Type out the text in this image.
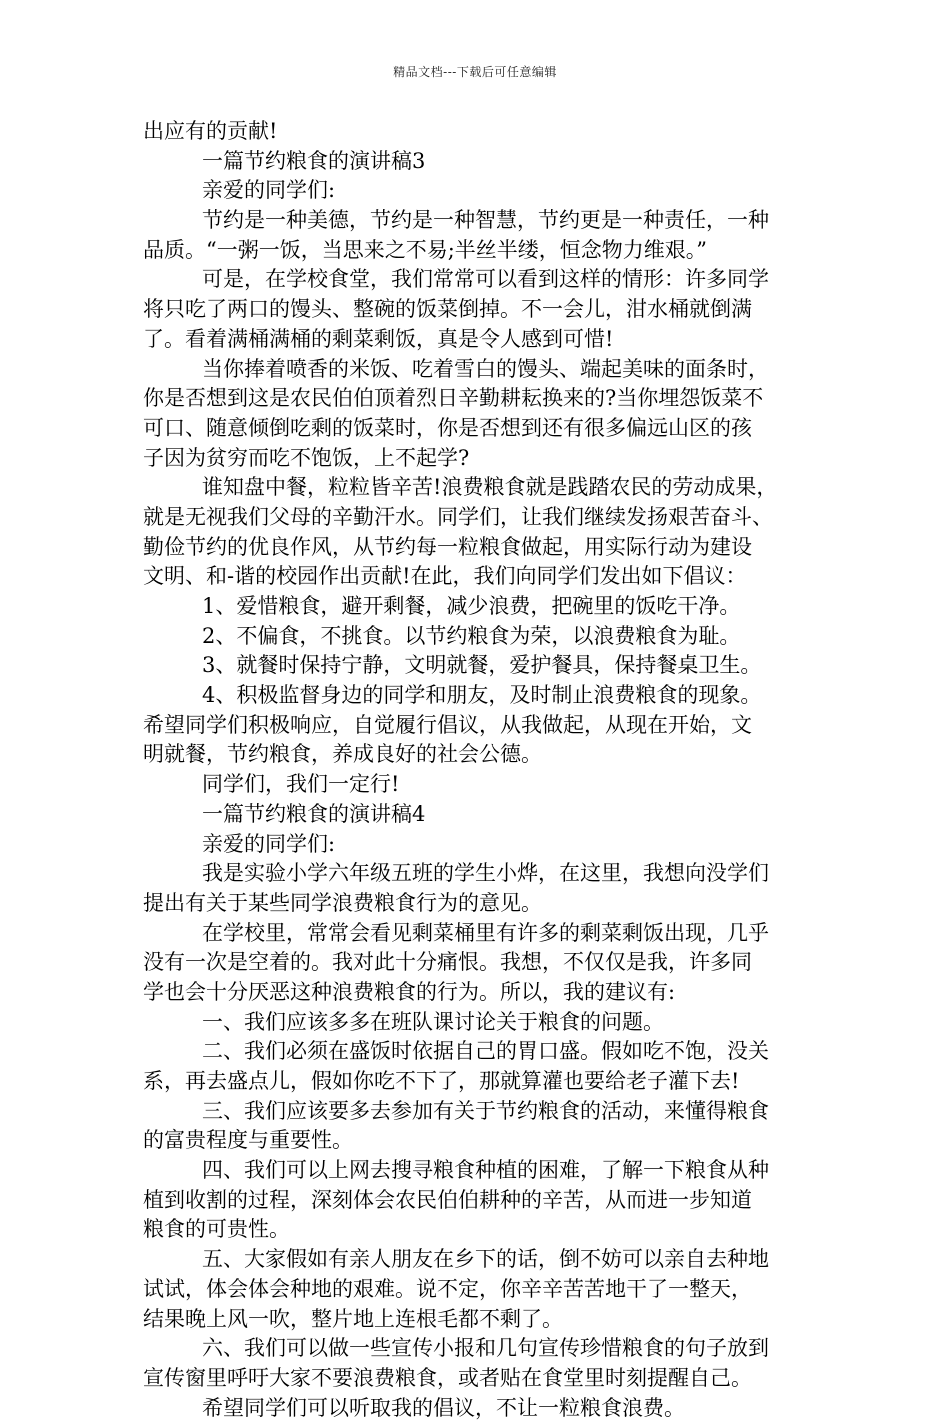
精品文档---下载后可任意编辑
出应有的贡献!
一篇节约粮食的演讲稿3
亲爱的同学们:
节约是一种美德，节约是一种智慧，节约更是一种责任，一种
品质。“一粥一饭，当思来之不易;半丝半缕，恒念物力维艰。”
可是，在学校食堂，我们常常可以看到这样的情形：许多同学
将只吃了两口的馒头、整碗的饭菜倒掉。不一会儿，泔水桶就倒满
了。看着满桶满桶的剩菜剩饭，真是令人感到可惜!
当你捧着喷香的米饭、吃着雪白的馒头、端起美味的面条时，
你是否想到这是农民伯伯顶着烈日辛勤耕耘换来的?当你埋怨饭菜不
可口、随意倾倒吃剩的饭菜时，你是否想到还有很多偏远山区的孩
子因为贫穷而吃不饱饭，上不起学?
谁知盘中餐，粒粒皆辛苦!浪费粮食就是践踏农民的劳动成果，
就是无视我们父母的辛勤汗水。同学们，让我们继续发扬艰苦奋斗、
勤俭节约的优良作风，从节约每一粒粮食做起，用实际行动为建设
文明、和-谐的校园作出贡献!在此，我们向同学们发出如下倡议：
1、爱惜粮食，避开剩餐，减少浪费，把碗里的饭吃干净。
2、不偏食，不挑食。以节约粮食为荣，以浪费粮食为耻。
3、就餐时保持宁静，文明就餐，爱护餐具，保持餐桌卫生。
4、积极监督身边的同学和朋友，及时制止浪费粮食的现象。
希望同学们积极响应，自觉履行倡议，从我做起，从现在开始，文
明就餐，节约粮食，养成良好的社会公德。
同学们，我们一定行!
一篇节约粮食的演讲稿4
亲爱的同学们:
我是实验小学六年级五班的学生小烨，在这里，我想向没学们
提出有关于某些同学浪费粮食行为的意见。
在学校里，常常会看见剩菜桶里有许多的剩菜剩饭出现，几乎
没有一次是空着的。我对此十分痛恨。我想，不仅仅是我，许多同
学也会十分厌恶这种浪费粮食的行为。所以，我的建议有:
一、我们应该多多在班队课讨论关于粮食的问题。
二、我们必须在盛饭时依据自己的胃口盛。假如吃不饱，没关
系，再去盛点儿，假如你吃不下了，那就算灌也要给老子灌下去!
三、我们应该要多去参加有关于节约粮食的活动，来懂得粮食
的富贵程度与重要性。
四、我们可以上网去搜寻粮食种植的困难，了解一下粮食从种
植到收割的过程，深刻体会农民伯伯耕种的辛苦，从而进一步知道
粮食的可贵性。
五、大家假如有亲人朋友在乡下的话，倒不妨可以亲自去种地
试试，体会体会种地的艰难。说不定，你辛辛苦苦地干了一整天，
结果晚上风一吹，整片地上连根毛都不剩了。
六、我们可以做一些宣传小报和几句宣传珍惜粮食的句子放到
宣传窗里呼吁大家不要浪费粮食，或者贴在食堂里时刻提醒自己。
希望同学们可以听取我的倡议，不让一粒粮食浪费。
